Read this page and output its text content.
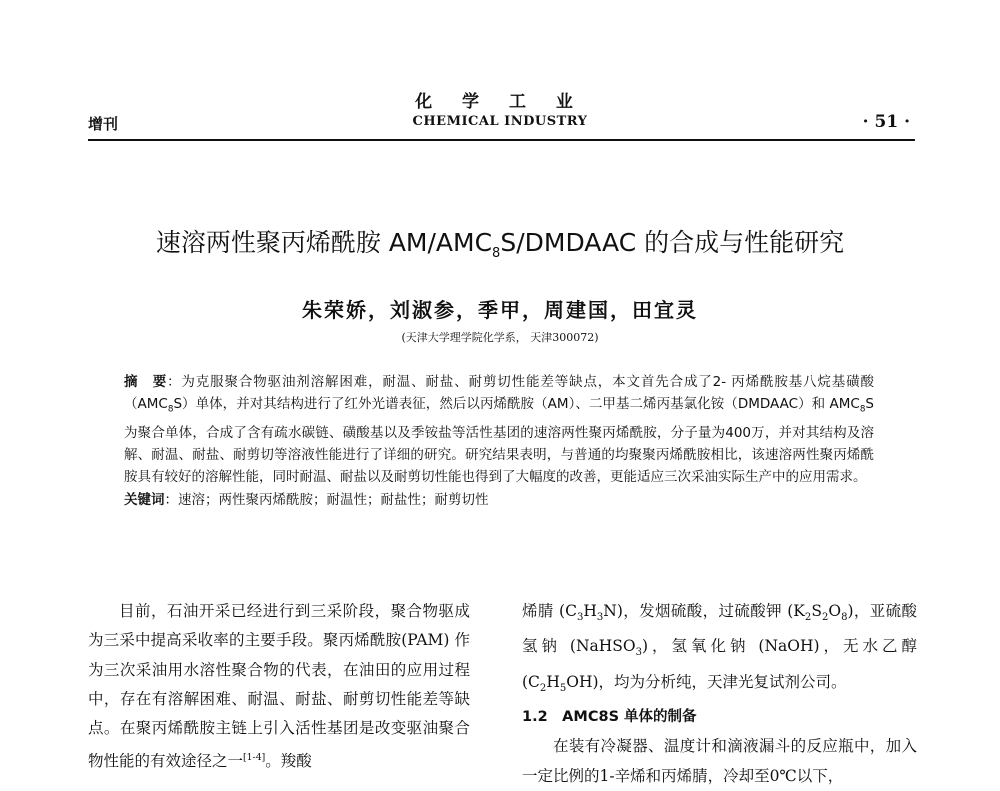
化 学 工 业
增刊	CHEMICAL INDUSTRY	· 51 ·
速溶两性聚丙烯酰胺 $AM/AMC_8S$/DMDAAC 的合成与性能研究
朱荣娇，刘淑参，季甲，周建国，田宜灵
(天津大学理学院化学系， 天津300072)

摘　要：为克服聚合物驱油剂溶解困难，耐温、耐盐、耐剪切性能差等缺点，本文首先合成了2- 丙烯酰胺基八烷基磺酸$(AMC_8S)$单体，并对其结构进行了红外光谱表征，然后以丙烯酰胺（AM）、二甲基二烯丙基氯化铵（DMDAAC）和 $AMC_8S$ 为聚合单体，合成了含有疏水碳链、磺酸基以及季铵盐等活性基团的速溶两性聚丙烯酰胺，分子量为400万，并对其结构及溶解、耐温、耐盐、耐剪切等溶液性能进行了详细的研究。研究结果表明，与普通的均聚聚丙烯酰胺相比，该速溶两性聚丙烯酰胺具有较好的溶解性能，同时耐温、耐盐以及耐剪切性能也得到了大幅度的改善，更能适应三次采油实际生产中的应用需求。

关键词：速溶；两性聚丙烯酰胺；耐温性；耐盐性；耐剪切性

目前，石油开采已经进行到三采阶段，聚合物驱成为三采中提高采收率的主要手段。聚丙烯酰胺(PAM) 作为三次采油用水溶性聚合物的代表，在油田的应用过程中，存在有溶解困难、耐温、耐盐、耐剪切性能差等缺点。在聚丙烯酰胺主链上引入活性基团是改变驱油聚合物性能的有效途径之一[1-4]。羧酸

烯腈 $(C_3H_3N)$，发烟硫酸，过硫酸钾 $(K_2S_2O_8)$，亚硫酸氢钠 (NaHSO$_3$)，氢氧化钠 (NaOH)，无水乙醇 $(C_2H_5OH)$，均为分析纯，天津光复试剂公司。

1.2　AMC8S 单体的制备

在装有冷凝器、温度计和滴液漏斗的反应瓶中，加入一定比例的1-辛烯和丙烯腈，冷却至0℃以下，
